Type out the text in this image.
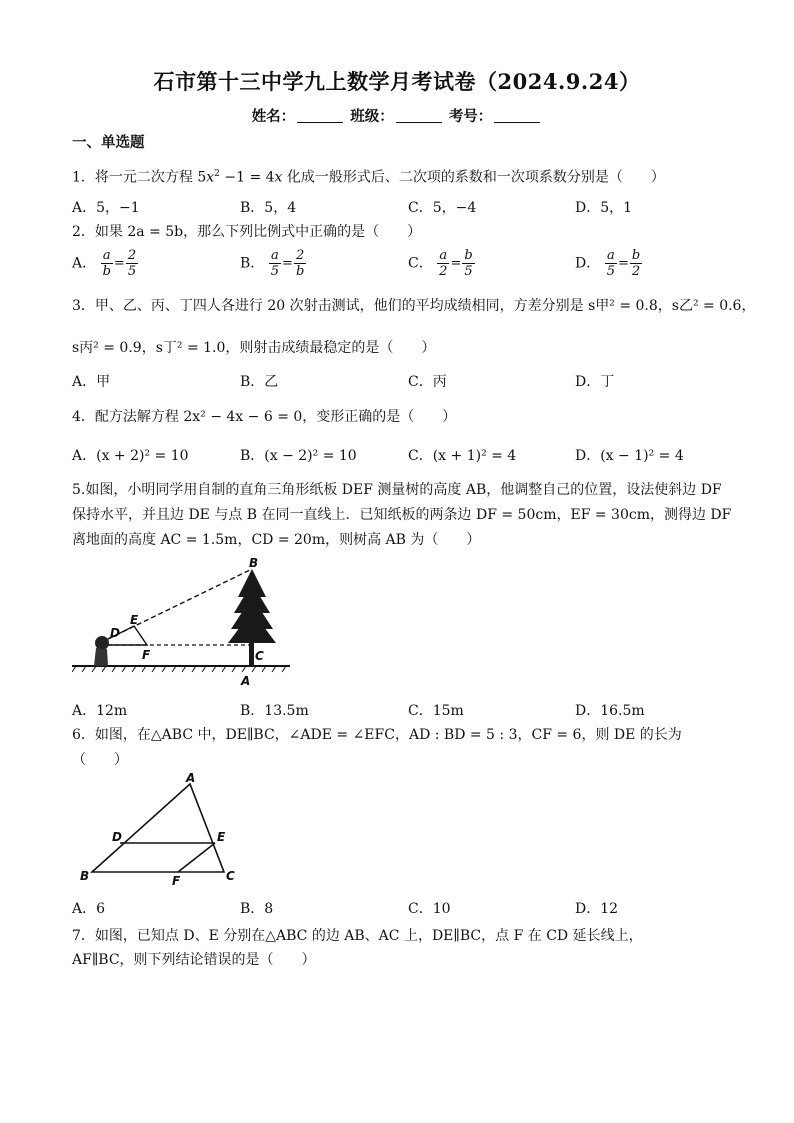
石市第十三中学九上数学月考试卷（2024.9.24）
姓名：	班级：	考号：
一、单选题
1．将一元二次方程 $5x^2 -1 = 4x$ 化成一般形式后、二次项的系数和一次项系数分别是（　　）
A．5，−1	B．5，4	C．5，−4	D．5，1
2．如果 2a = 5b，那么下列比例式中正确的是（　　）
A． $\frac{a}{b} = \frac{2}{5}$	B． $\frac{a}{5} = \frac{2}{b}$	C． $\frac{a}{2} = \frac{b}{5}$	D． $\frac{a}{5} = \frac{b}{2}$
3．甲、乙、丙、丁四人各进行 20 次射击测试，他们的平均成绩相同，方差分别是 s甲² = 0.8，s乙² = 0.6，
s丙² = 0.9，s丁² = 1.0，则射击成绩最稳定的是（　　）
A．甲	B．乙	C．丙	D．丁
4．配方法解方程 2x² − 4x − 6 = 0，变形正确的是（　　）
A．(x + 2)² = 10	B．(x − 2)² = 10	C．(x + 1)² = 4	D．(x − 1)² = 4
5.如图，小明同学用自制的直角三角形纸板 DEF 测量树的高度 AB，他调整自己的位置，设法使斜边 DF
保持水平，并且边 DE 与点 B 在同一直线上．已知纸板的两条边 DF = 50cm，EF = 30cm，测得边 DF
离地面的高度 AC = 1.5m，CD = 20m，则树高 AB 为（　　）
B
E
D
F	C
A
A．12m	B．13.5m	C．15m	D．16.5m
6．如图，在△ABC 中，DE∥BC，∠ADE = ∠EFC，AD : BD = 5 : 3，CF = 6，则 DE 的长为
（　　）
A
D	E
B	F	C
A．6	B．8	C．10	D．12
7．如图，已知点 D、E 分别在△ABC 的边 AB、AC 上，DE∥BC，点 F 在 CD 延长线上，
AF∥BC，则下列结论错误的是（　　）
